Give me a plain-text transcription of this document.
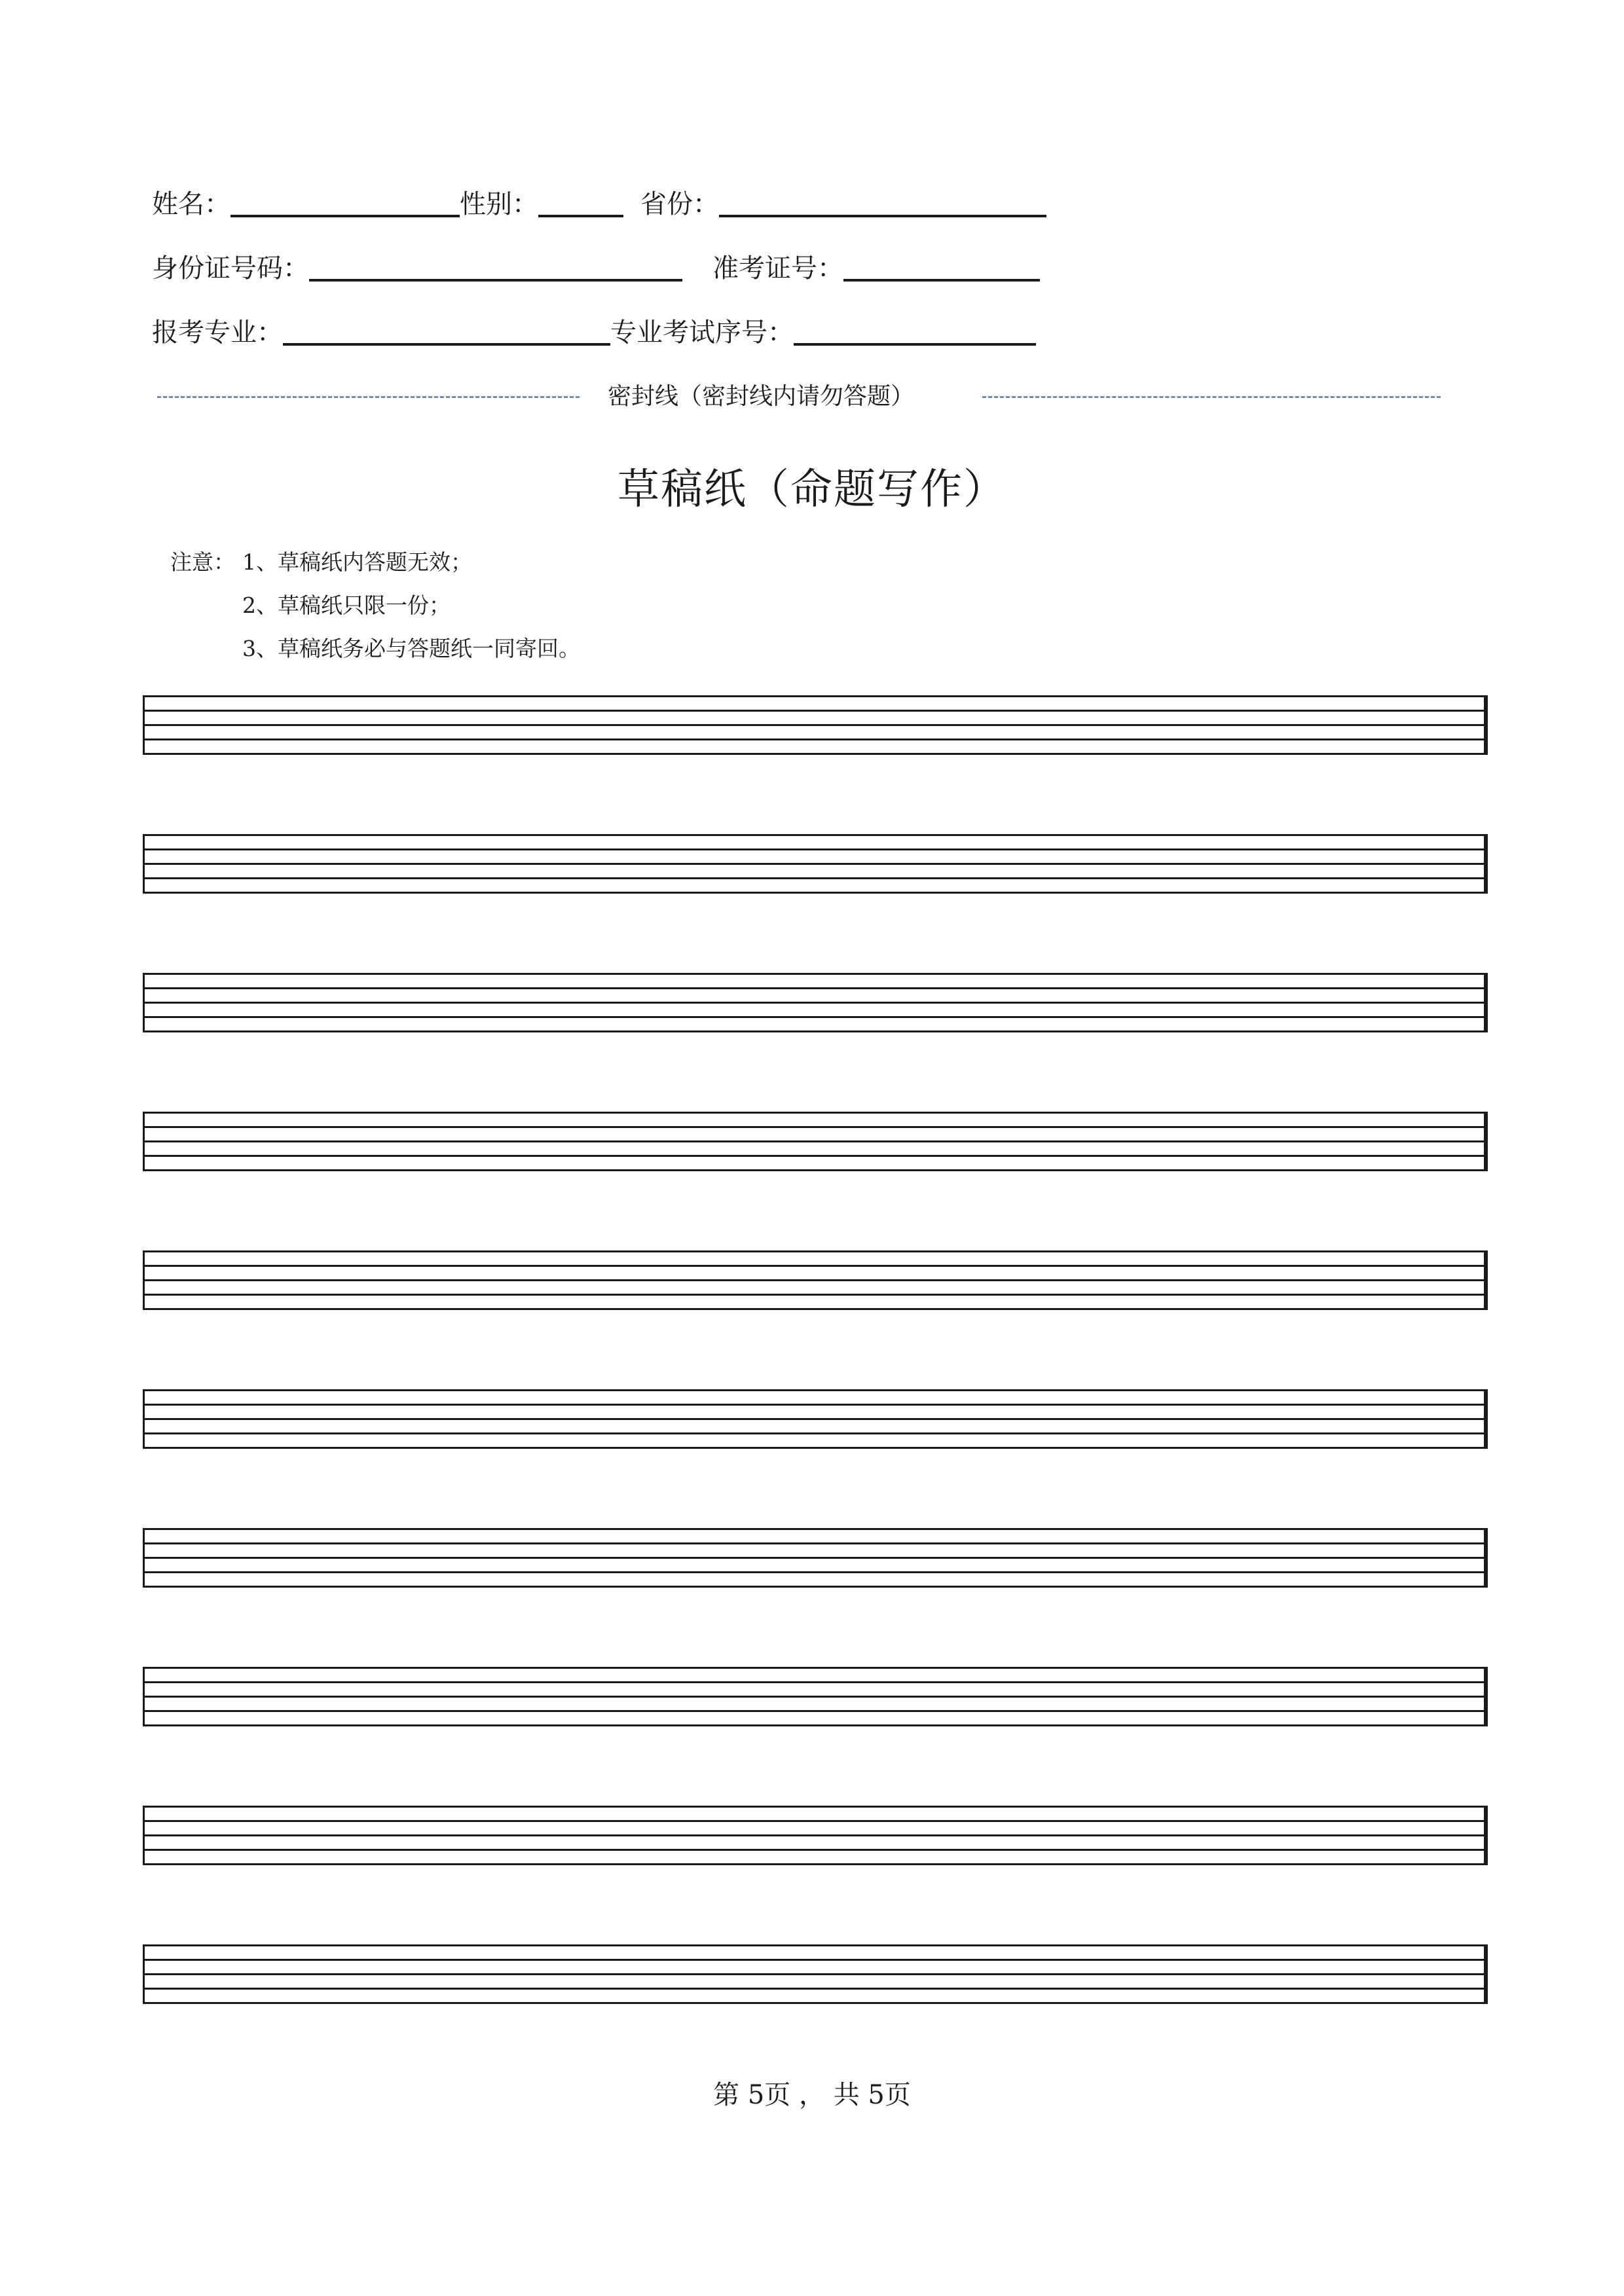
姓名：	性别：	省份：
身份证号码：	准考证号：
报考专业：	专业考试序号：
密封线（密封线内请勿答题）
草稿纸（命题写作）
注意： 1、草稿纸内答题无效；
2、草稿纸只限一份；
3、草稿纸务必与答题纸一同寄回。
第 5页 ， 共 5页
